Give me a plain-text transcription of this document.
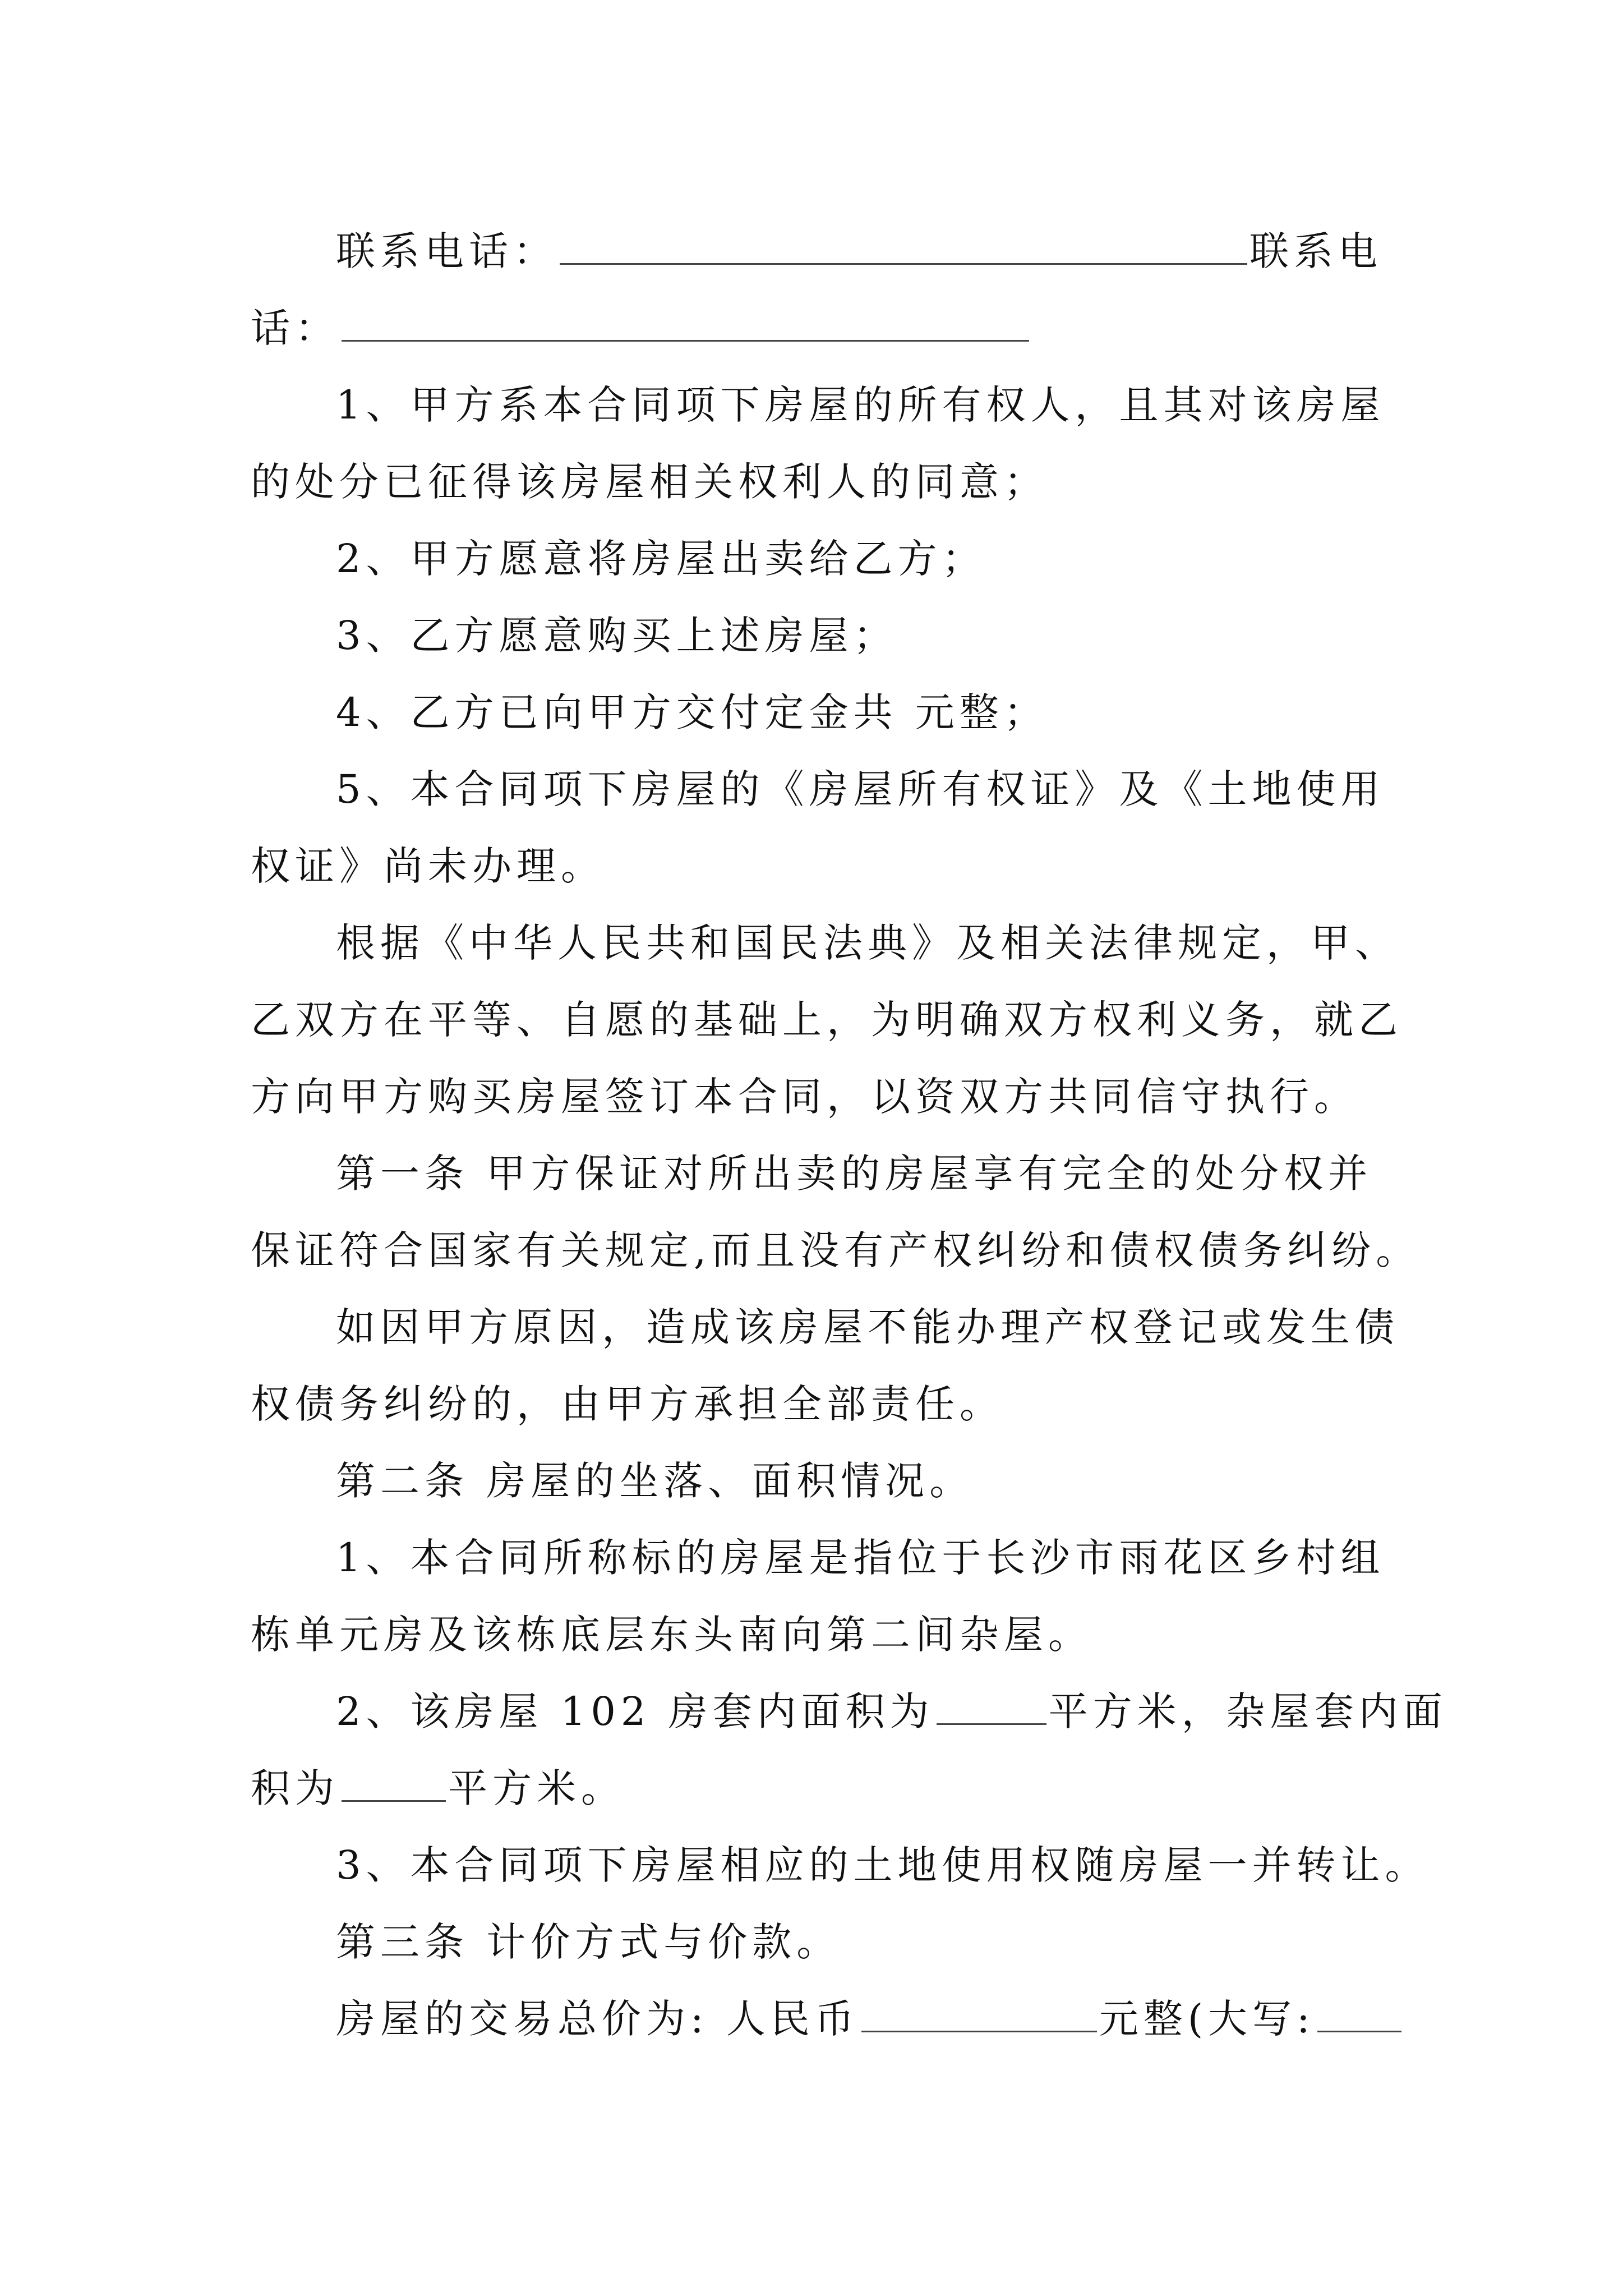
联系电话：	联系电
话：
1、甲方系本合同项下房屋的所有权人，且其对该房屋
的处分已征得该房屋相关权利人的同意；
2、甲方愿意将房屋出卖给乙方；
3、乙方愿意购买上述房屋；
4、乙方已向甲方交付定金共 元整；
5、本合同项下房屋的《房屋所有权证》及《土地使用
权证》尚未办理。
根据《中华人民共和国民法典》及相关法律规定，甲、
乙双方在平等、自愿的基础上，为明确双方权利义务，就乙
方向甲方购买房屋签订本合同，以资双方共同信守执行。
第一条 甲方保证对所出卖的房屋享有完全的处分权并
保证符合国家有关规定,而且没有产权纠纷和债权债务纠纷。
如因甲方原因，造成该房屋不能办理产权登记或发生债
权债务纠纷的，由甲方承担全部责任。
第二条 房屋的坐落、面积情况。
1、本合同所称标的房屋是指位于长沙市雨花区乡村组
栋单元房及该栋底层东头南向第二间杂屋。
2、该房屋 102 房套内面积为	平方米，杂屋套内面
积为	平方米。
3、本合同项下房屋相应的土地使用权随房屋一并转让。
第三条 计价方式与价款。
房屋的交易总价为: 人民币	元整(大写:
